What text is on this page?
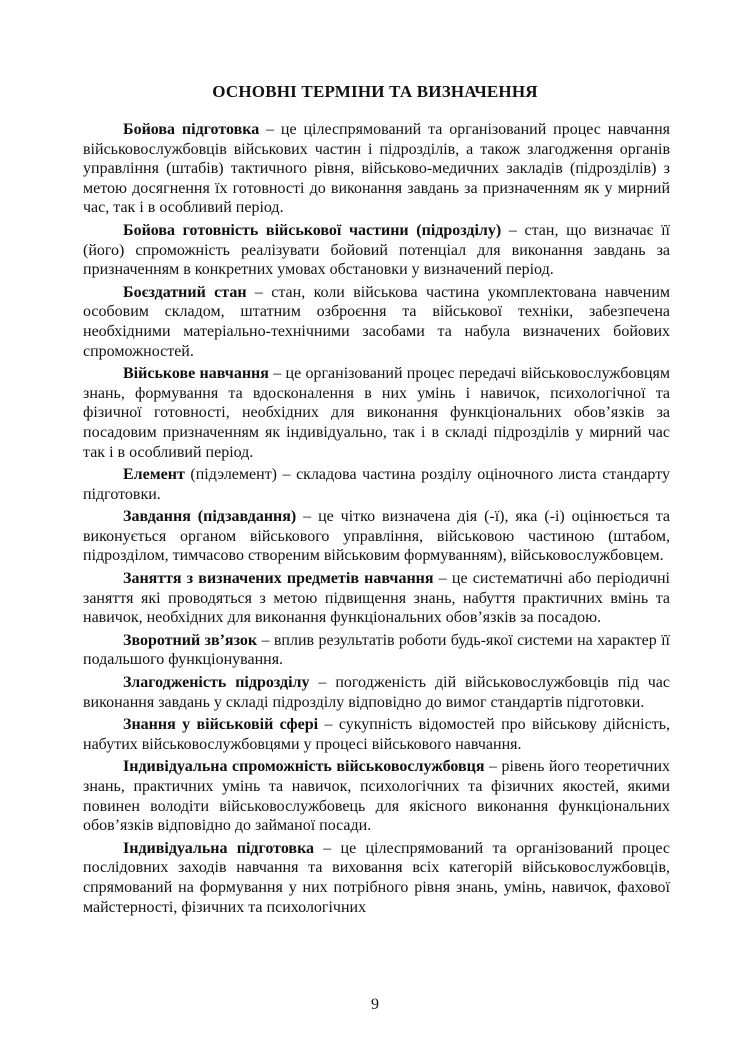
ОСНОВНІ ТЕРМІНИ ТА ВИЗНАЧЕННЯ

Бойова підготовка – це цілеспрямований та організований процес навчання військовослужбовців військових частин і підрозділів, а також злагодження органів управління (штабів) тактичного рівня, військово-медичних закладів (підрозділів) з метою досягнення їх готовності до виконання завдань за призначенням як у мирний час, так і в особливий період.

Бойова готовність військової частини (підрозділу) – стан, що визначає її (його) спроможність реалізувати бойовий потенціал для виконання завдань за призначенням в конкретних умовах обстановки у визначений період.

Боєздатний стан – стан, коли військова частина укомплектована навченим особовим складом, штатним озброєння та військової техніки, забезпечена необхідними матеріально-технічними засобами та набула визначених бойових спроможностей.

Військове навчання – це організований процес передачі військовослужбовцям знань, формування та вдосконалення в них умінь і навичок, психологічної та фізичної готовності, необхідних для виконання функціональних обов’язків за посадовим призначенням як індивідуально, так і в складі підрозділів у мирний час так і в особливий період.

Елемент (підэлемент) – складова частина розділу оціночного листа стандарту підготовки.

Завдання (підзавдання) – це чітко визначена дія (-ї), яка (-і) оцінюється та виконується органом військового управління, військовою частиною (штабом, підрозділом, тимчасово створеним військовим формуванням), військовослужбовцем.

Заняття з визначених предметів навчання – це систематичні або періодичні заняття які проводяться з метою підвищення знань, набуття практичних вмінь та навичок, необхідних для виконання функціональних обов’язків за посадою.

Зворотний зв’язок – вплив результатів роботи будь-якої системи на характер її подальшого функціонування.

Злагодженість підрозділу – погодженість дій військовослужбовців під час виконання завдань у складі підрозділу відповідно до вимог стандартів підготовки.

Знання у військовій сфері – сукупність відомостей про військову дійсність, набутих військовослужбовцями у процесі військового навчання.

Індивідуальна спроможність військовослужбовця – рівень його теоретичних знань, практичних умінь та навичок, психологічних та фізичних якостей, якими повинен володіти військовослужбовець для якісного виконання функціональних обов’язків відповідно до займаної посади.

Індивідуальна підготовка – це цілеспрямований та організований процес послідовних заходів навчання та виховання всіх категорій військовослужбовців, спрямований на формування у них потрібного рівня знань, умінь, навичок, фахової майстерності, фізичних та психологічних

9
